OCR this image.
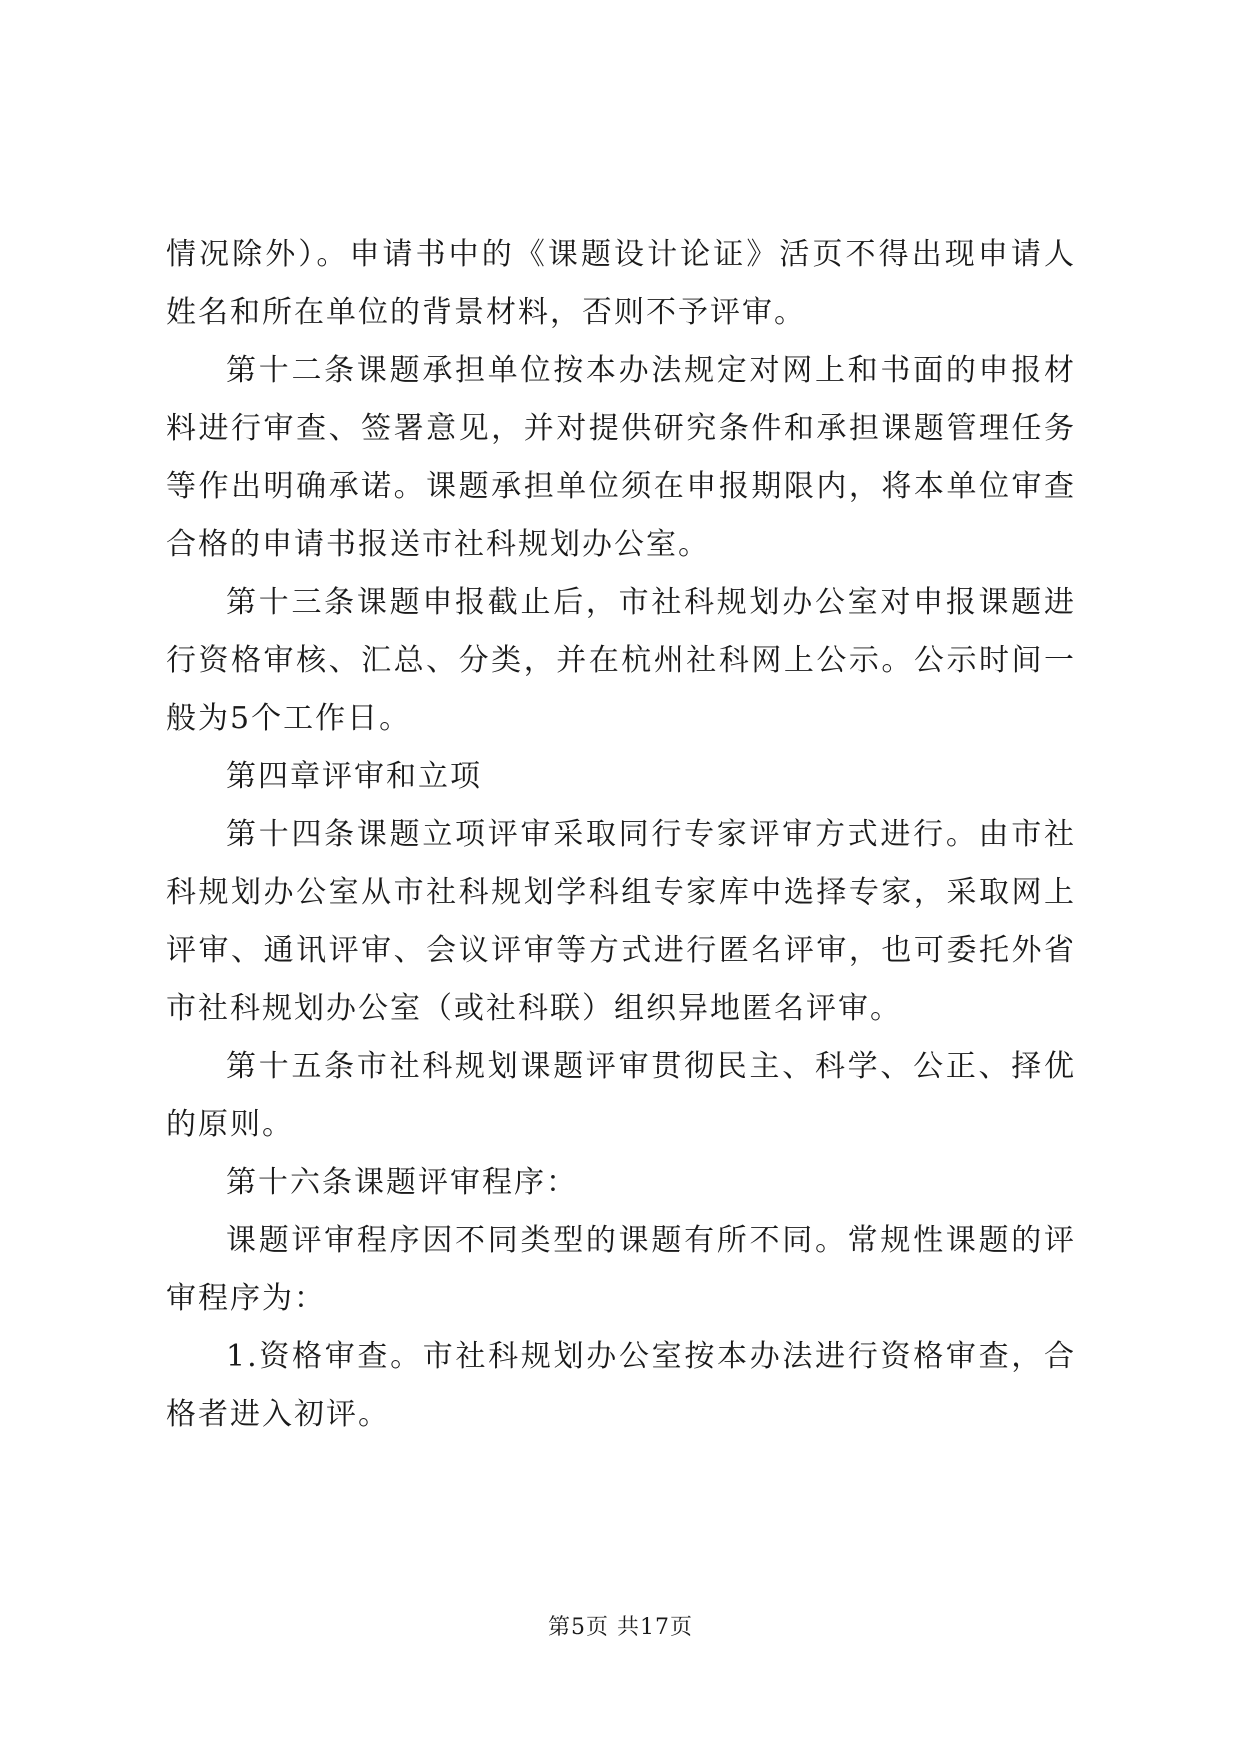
情况除外）。申请书中的《课题设计论证》活页不得出现申请人姓名和所在单位的背景材料，否则不予评审。

第十二条课题承担单位按本办法规定对网上和书面的申报材料进行审查、签署意见，并对提供研究条件和承担课题管理任务等作出明确承诺。课题承担单位须在申报期限内，将本单位审查合格的申请书报送市社科规划办公室。

第十三条课题申报截止后，市社科规划办公室对申报课题进行资格审核、汇总、分类，并在杭州社科网上公示。公示时间一般为5个工作日。

第四章评审和立项

第十四条课题立项评审采取同行专家评审方式进行。由市社科规划办公室从市社科规划学科组专家库中选择专家，采取网上评审、通讯评审、会议评审等方式进行匿名评审，也可委托外省市社科规划办公室（或社科联）组织异地匿名评审。

第十五条市社科规划课题评审贯彻民主、科学、公正、择优的原则。

第十六条课题评审程序：

课题评审程序因不同类型的课题有所不同。常规性课题的评审程序为：

1.资格审查。市社科规划办公室按本办法进行资格审查，合格者进入初评。

第5页 共17页
